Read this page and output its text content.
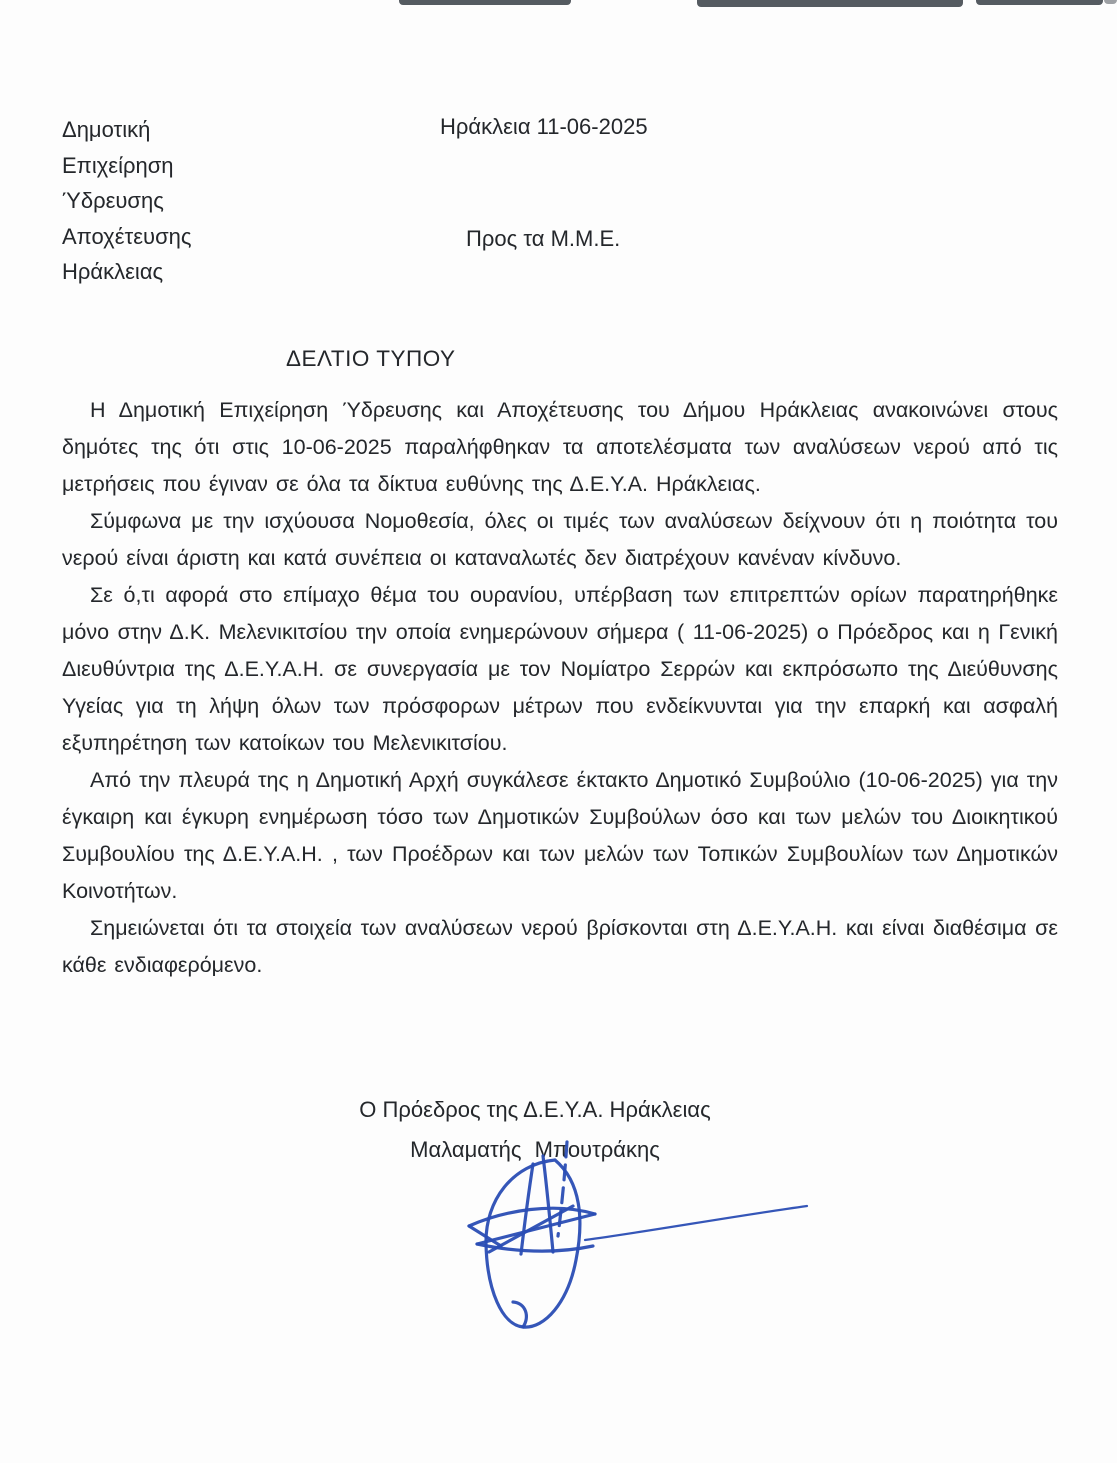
Δημοτική
Επιχείρηση
Ύδρευσης
Αποχέτευσης
Ηράκλειας
Ηράκλεια 11-06-2025
Προς τα Μ.Μ.Ε.
ΔΕΛΤΙΟ ΤΥΠΟΥ

Η Δημοτική Επιχείρηση Ύδρευσης και Αποχέτευσης του Δήμου Ηράκλειας ανακοινώνει στους δημότες της ότι στις 10-06-2025 παραλήφθηκαν τα αποτελέσματα των αναλύσεων νερού από τις μετρήσεις που έγιναν σε όλα τα δίκτυα ευθύνης της Δ.Ε.Υ.Α. Ηράκλειας.

Σύμφωνα με την ισχύουσα Νομοθεσία, όλες οι τιμές των αναλύσεων δείχνουν ότι η ποιότητα του νερού είναι άριστη και κατά συνέπεια οι καταναλωτές δεν διατρέχουν κανέναν κίνδυνο.

Σε ό,τι αφορά στο επίμαχο θέμα του ουρανίου, υπέρβαση των επιτρεπτών ορίων παρατηρήθηκε μόνο στην Δ.Κ. Μελενικιτσίου την οποία ενημερώνουν σήμερα ( 11-06-2025) ο Πρόεδρος και η Γενική Διευθύντρια της Δ.Ε.Υ.Α.Η. σε συνεργασία με τον Νομίατρο Σερρών και εκπρόσωπο της Διεύθυνσης Υγείας για τη λήψη όλων των πρόσφορων μέτρων που ενδείκνυνται για την επαρκή και ασφαλή εξυπηρέτηση των κατοίκων του Μελενικιτσίου.

Από την πλευρά της η Δημοτική Αρχή συγκάλεσε έκτακτο Δημοτικό Συμβούλιο (10-06-2025) για την έγκαιρη και έγκυρη ενημέρωση τόσο των Δημοτικών Συμβούλων όσο και των μελών του Διοικητικού Συμβουλίου της Δ.Ε.Υ.Α.Η. , των Προέδρων και των μελών των Τοπικών Συμβουλίων των Δημοτικών Κοινοτήτων.

Σημειώνεται ότι τα στοιχεία των αναλύσεων νερού βρίσκονται στη Δ.Ε.Υ.Α.Η. και είναι διαθέσιμα σε κάθε ενδιαφερόμενο.

Ο Πρόεδρος της Δ.Ε.Υ.Α. Ηράκλειας
Μαλαματής Μπουτράκης
